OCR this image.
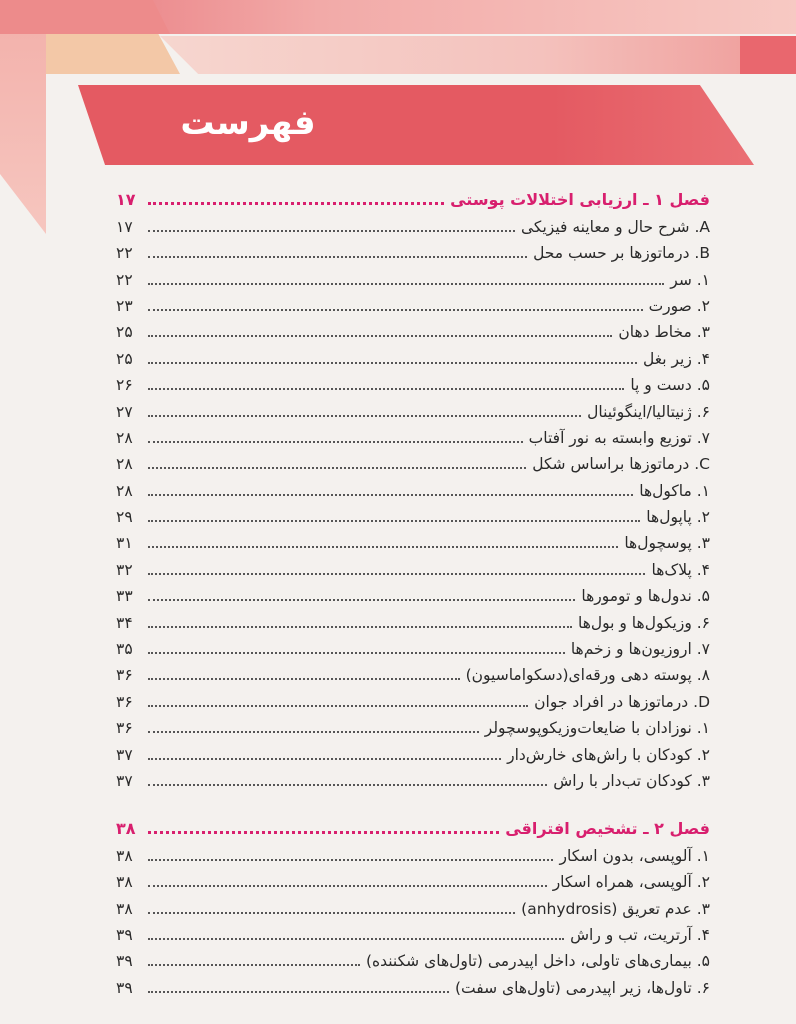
فهرست
فصل ۱ ـ ارزیابی اختلالات پوستی
۱۷
A. شرح حال و معاینه فیزیکی
۱۷
B. درماتوزها بر حسب محل
۲۲
۱. سر
۲۲
۲. صورت
۲۳
۳. مخاط دهان
۲۵
۴. زیر بغل
۲۵
۵. دست و پا
۲۶
۶. ژنیتالیا/اینگوئینال
۲۷
۷. توزیع وابسته به نور آفتاب
۲۸
C. درماتوزها براساس شکل
۲۸
۱. ماکول‌ها
۲۸
۲. پاپول‌ها
۲۹
۳. پوسچول‌ها
۳۱
۴. پلاک‌ها
۳۲
۵. ندول‌ها و تومورها
۳۳
۶. وزیکول‌ها و بول‌ها
۳۴
۷. اروزیون‌ها و زخم‌ها
۳۵
۸. پوسته دهی ورقه‌ای(دسکواماسیون)
۳۶
D. درماتوزها در افراد جوان
۳۶
۱. نوزادان با ضایعات‌وزیکوپوسچولر
۳۶
۲. کودکان با راش‌های خارش‌دار
۳۷
۳. کودکان تب‌دار با راش
۳۷
فصل ۲ ـ تشخیص افتراقی
۳۸
۱. آلوپسی، بدون اسکار
۳۸
۲. آلوپسی، همراه اسکار
۳۸
۳. عدم تعریق (anhydrosis)
۳۸
۴. آرتریت، تب و راش
۳۹
۵. بیماری‌های تاولی، داخل اپیدرمی (تاول‌های شکننده)
۳۹
۶. تاول‌ها، زیر اپیدرمی (تاول‌های سفت)
۳۹
